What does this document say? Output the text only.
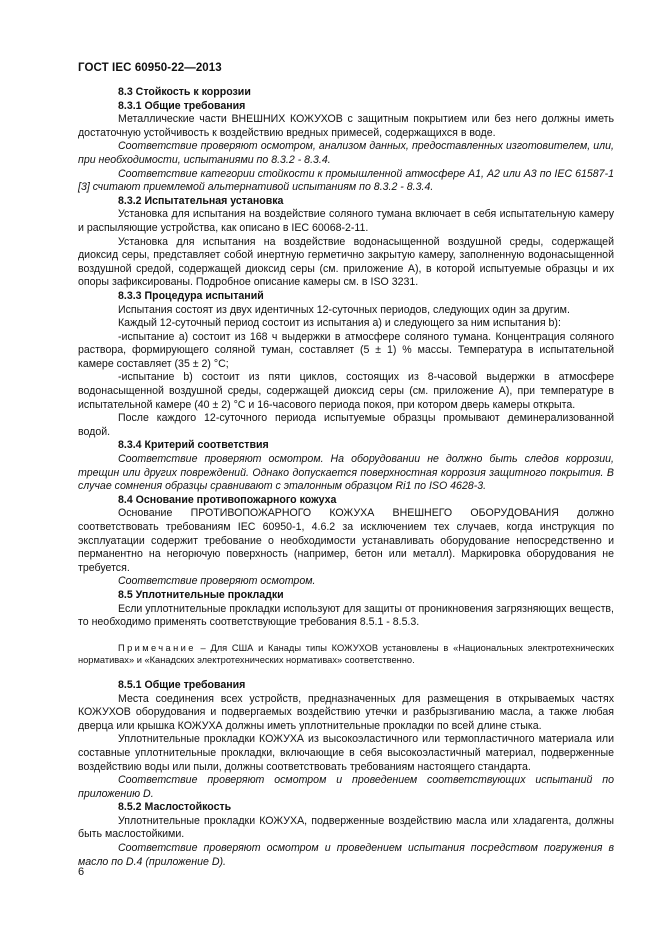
ГОСТ IEC 60950-22—2013

8.3 Стойкость к коррозии

8.3.1 Общие требования

Металлические части ВНЕШНИХ КОЖУХОВ с защитным покрытием или без него должны иметь достаточную устойчивость к воздействию вредных примесей, содержащихся в воде.

Соответствие проверяют осмотром, анализом данных, предоставленных изготовителем, или, при необходимости, испытаниями по 8.3.2 - 8.3.4.

Соответствие категории стойкости к промышленной атмосфере А1, А2 или А3 по IEC 61587-1 [3] считают приемлемой альтернативой испытаниям по 8.3.2 - 8.3.4.

8.3.2 Испытательная установка

Установка для испытания на воздействие соляного тумана включает в себя испытательную камеру и распыляющие устройства, как описано в IEC 60068-2-11.

Установка для испытания на воздействие водонасыщенной воздушной среды, содержащей диоксид серы, представляет собой инертную герметично закрытую камеру, заполненную водонасыщенной воздушной средой, содержащей диоксид серы (см. приложение А), в которой испытуемые образцы и их опоры зафиксированы. Подробное описание камеры см. в ISO 3231.

8.3.3 Процедура испытаний

Испытания состоят из двух идентичных 12-суточных периодов, следующих один за другим.

Каждый 12-суточный период состоит из испытания а) и следующего за ним испытания b):

-испытание а) состоит из 168 ч выдержки в атмосфере соляного тумана. Концентрация соляного раствора, формирующего соляной туман, составляет (5 ± 1) % массы. Температура в испытательной камере составляет (35 ± 2) °С;

-испытание b) состоит из пяти циклов, состоящих из 8-часовой выдержки в атмосфере водонасыщенной воздушной среды, содержащей диоксид серы (см. приложение А), при температуре в испытательной камере (40 ± 2) °С и 16-часового периода покоя, при котором дверь камеры открыта.

После каждого 12-суточного периода испытуемые образцы промывают деминерализованной водой.

8.3.4 Критерий соответствия

Соответствие проверяют осмотром. На оборудовании не должно быть следов коррозии, трещин или других повреждений. Однако допускается поверхностная коррозия защитного покрытия. В случае сомнения образцы сравнивают с эталонным образцом Ri1 по ISO 4628-3.

8.4 Основание противопожарного кожуха

Основание ПРОТИВОПОЖАРНОГО КОЖУХА ВНЕШНЕГО ОБОРУДОВАНИЯ должно соответствовать требованиям IEC 60950-1, 4.6.2 за исключением тех случаев, когда инструкция по эксплуатации содержит требование о необходимости устанавливать оборудование непосредственно и перманентно на негорючую поверхность (например, бетон или металл). Маркировка оборудования не требуется.

Соответствие проверяют осмотром.

8.5 Уплотнительные прокладки

Если уплотнительные прокладки используют для защиты от проникновения загрязняющих веществ, то необходимо применять соответствующие требования 8.5.1 - 8.5.3.

Примечание – Для США и Канады типы КОЖУХОВ установлены в «Национальных электротехнических нормативах» и «Канадских электротехнических нормативах» соответственно.

8.5.1 Общие требования

Места соединения всех устройств, предназначенных для размещения в открываемых частях КОЖУХОВ оборудования и подвергаемых воздействию утечки и разбрызгиванию масла, а также любая дверца или крышка КОЖУХА должны иметь уплотнительные прокладки по всей длине стыка.

Уплотнительные прокладки КОЖУХА из высокоэластичного или термопластичного материала или составные уплотнительные прокладки, включающие в себя высокоэластичный материал, подверженные воздействию воды или пыли, должны соответствовать требованиям настоящего стандарта.

Соответствие проверяют осмотром и проведением соответствующих испытаний по приложению D.

8.5.2 Маслостойкость

Уплотнительные прокладки КОЖУХА, подверженные воздействию масла или хладагента, должны быть маслостойкими.

Соответствие проверяют осмотром и проведением испытания посредством погружения в масло по D.4 (приложение D).

6
